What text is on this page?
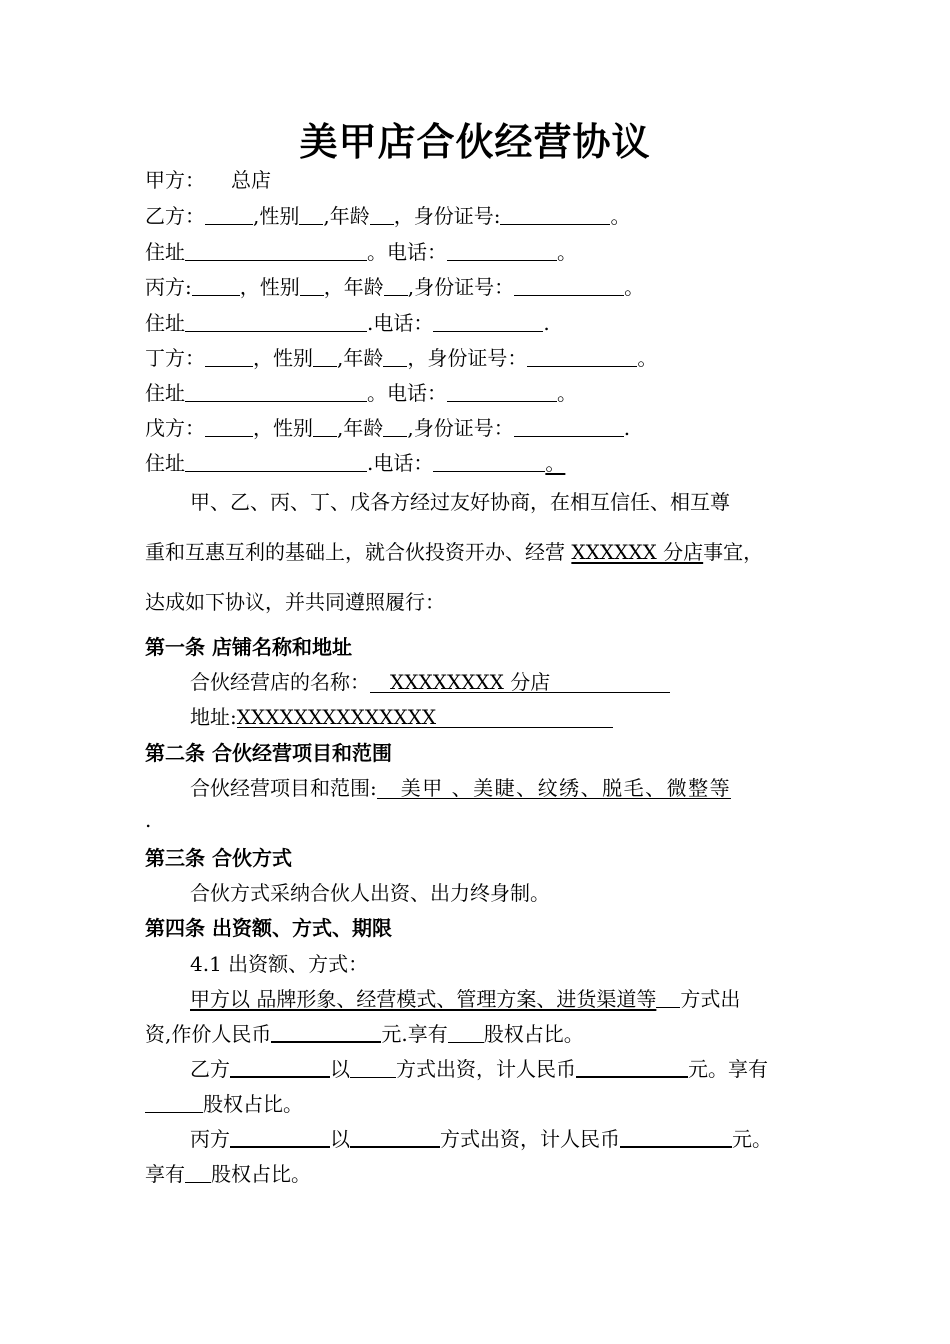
美甲店合伙经营协议
甲方： 总店
乙方： ,性别 ,年龄 ，身份证号:	。
住址	。电话：	。
丙方: ，性别 ，年龄 ,身份证号：	。
住址	.电话：	.
丁方： ，性别 ,年龄 ，身份证号：	。
住址	。电话：	。
戊方： ，性别 ,年龄 ,身份证号：	.
住址	.电话：	。
甲、乙、丙、丁、戊各方经过友好协商，在相互信任、相互尊
重和互惠互利的基础上，就合伙投资开办、经营 XXXXXX 分店事宜，
达成如下协议，并共同遵照履行：
第一条 店铺名称和地址
合伙经营店的名称： XXXXXXXX 分店
地址:XXXXXXXXXXXXXX
第二条 合伙经营项目和范围
合伙经营项目和范围: 美甲 、美睫、纹绣、脱毛、微整等
.
第三条 合伙方式
合伙方式采纳合伙人出资、出力终身制。
第四条 出资额、方式、期限
4.1 出资额、方式：
甲方以 品牌形象、经营模式、管理方案、进货渠道等 方式出
资,作价人民币	元.享有 股权占比。
乙方	以 方式出资，计人民币	元。享有
股权占比。
丙方	以	方式出资，计人民币	元。
享有 股权占比。
